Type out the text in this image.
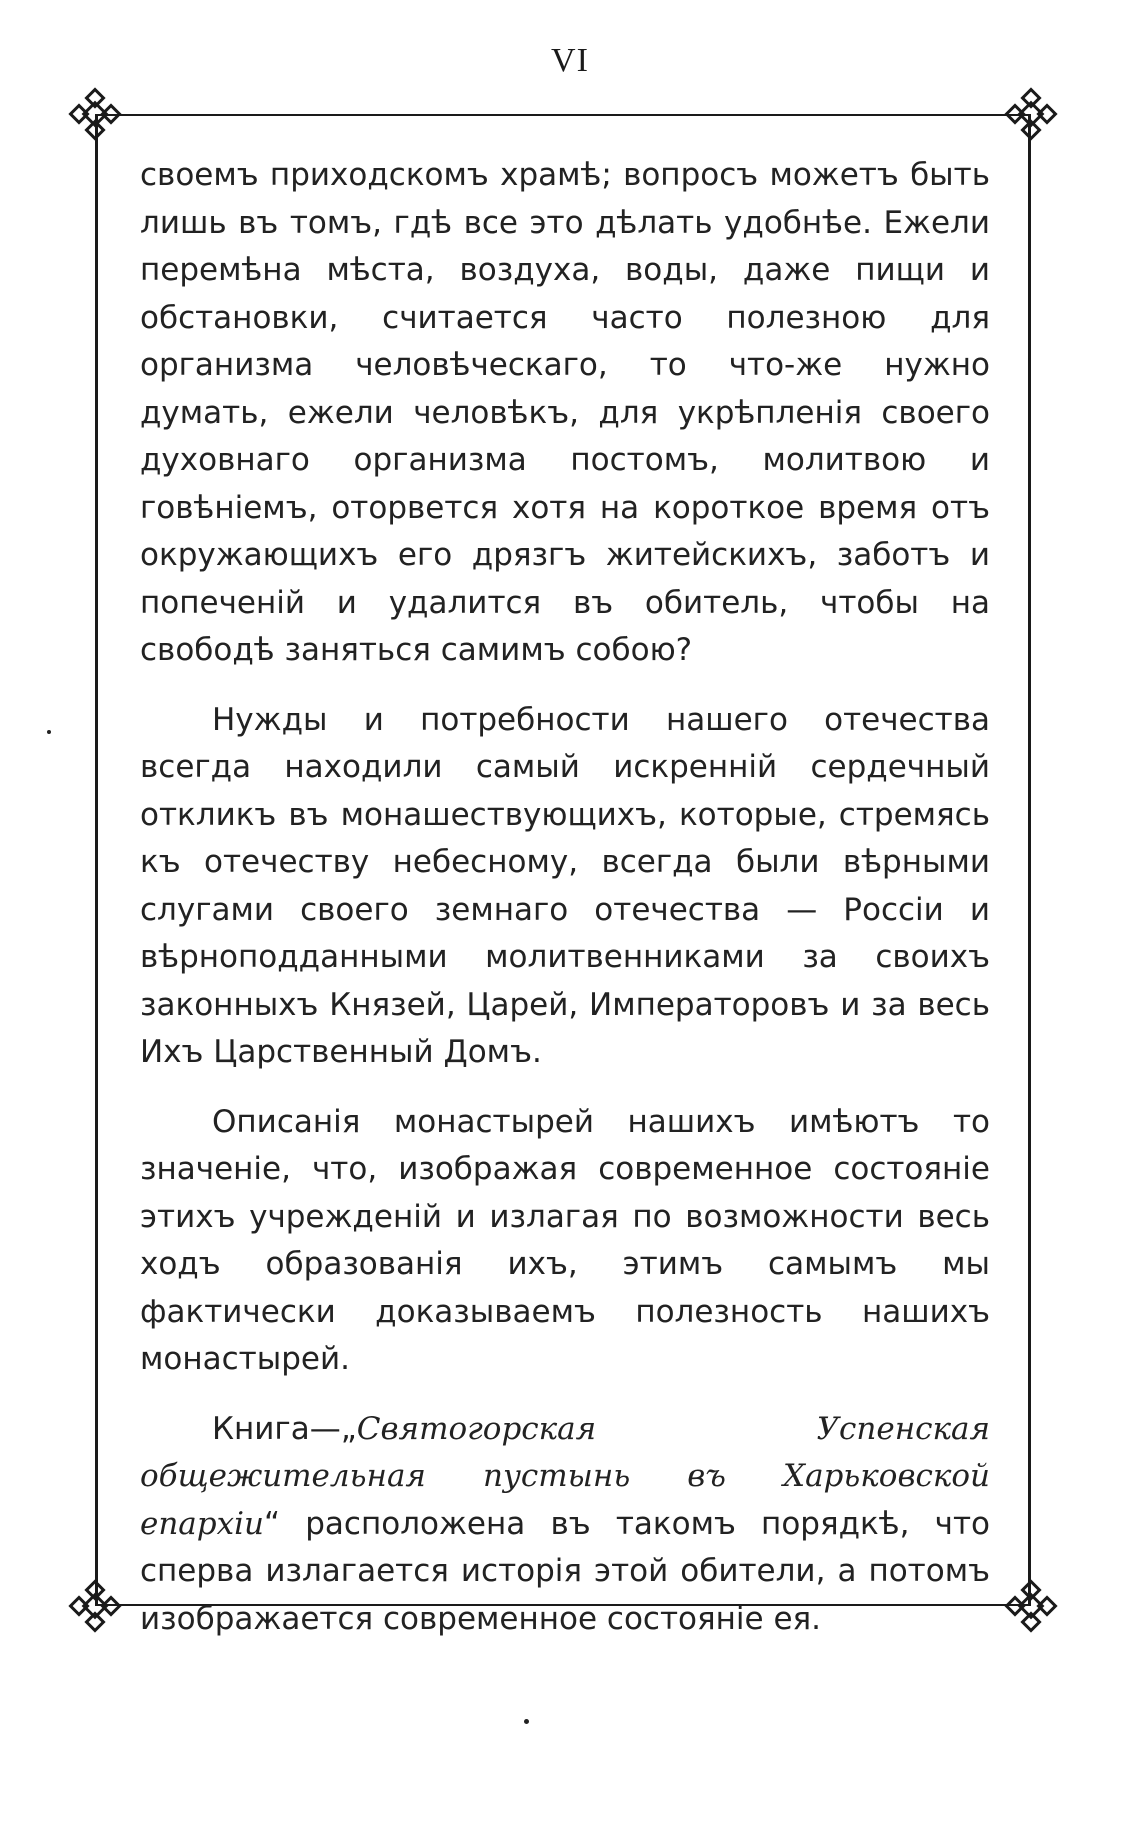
VI

своемъ приходскомъ храмѣ; вопросъ можетъ быть лишь въ томъ, гдѣ все это дѣлать удобнѣе. Ежели перемѣна мѣста, воздуха, воды, даже пищи и обстановки, считается часто полезною для организма человѣческаго, то что-же нужно думать, ежели человѣкъ, для укрѣпленія своего духовнаго организма постомъ, молитвою и говѣніемъ, оторвется хотя на короткое время отъ окружающихъ его дрязгъ житейскихъ, заботъ и попеченій и удалится въ обитель, чтобы на свободѣ заняться самимъ собою?

Нужды и потребности нашего отечества всегда находили самый искренній сердечный откликъ въ монашествующихъ, которые, стремясь къ отечеству небесному, всегда были вѣрными слугами своего земнаго отечества — Россіи и вѣрноподданными молитвенниками за своихъ законныхъ Князей, Царей, Императоровъ и за весь Ихъ Царственный Домъ.

Описанія монастырей нашихъ имѣютъ то значеніе, что, изображая современное состояніе этихъ учрежденій и излагая по возможности весь ходъ образованія ихъ, этимъ самымъ мы фактически доказываемъ полезность нашихъ монастырей.

Книга—„Святогорская Успенская общежительная пустынь въ Харьковской епархіи“ расположена въ такомъ порядкѣ, что сперва излагается исторія этой обители, а потомъ изображается современное состояніе ея.
